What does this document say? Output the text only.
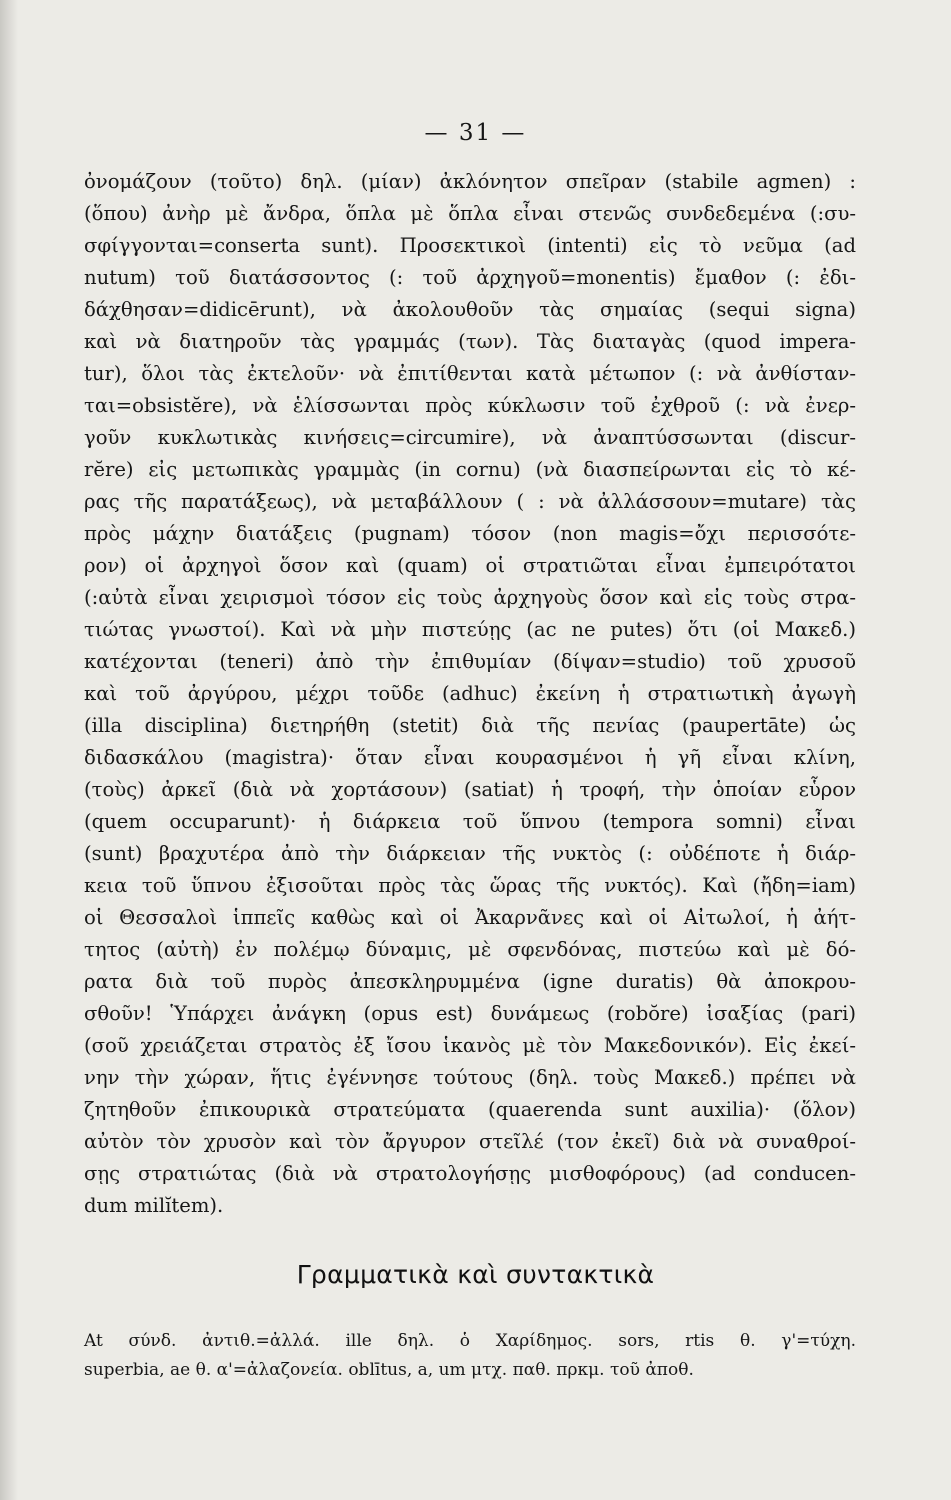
— 31 —
ὀνομάζουν (τοῦτο) δηλ. (μίαν) ἀκλόνητον σπεῖραν (stabile agmen) :
(ὅπου) ἀνὴρ μὲ ἄνδρα, ὅπλα μὲ ὅπλα εἶναι στενῶς συνδεδεμένα (:συ-
σφίγγονται=conserta sunt). Προσεκτικοὶ (intenti) εἰς τὸ νεῦμα (ad
nutum) τοῦ διατάσσοντος (: τοῦ ἀρχηγοῦ=monentis) ἔμαθον (: ἐδι-
δάχθησαν=didicērunt), νὰ ἀκολουθοῦν τὰς σημαίας (sequi signa)
καὶ νὰ διατηροῦν τὰς γραμμάς (των). Τὰς διαταγὰς (quod impera-
tur), ὅλοι τὰς ἐκτελοῦν· νὰ ἐπιτίθενται κατὰ μέτωπον (: νὰ ἀνθίσταν-
ται=obsistĕre), νὰ ἑλίσσωνται πρὸς κύκλωσιν τοῦ ἐχθροῦ (: νὰ ἐνερ-
γοῦν κυκλωτικὰς κινήσεις=circumire), νὰ ἀναπτύσσωνται (discur-
rĕre) εἰς μετωπικὰς γραμμὰς (in cornu) (νὰ διασπείρωνται εἰς τὸ κέ-
ρας τῆς παρατάξεως), νὰ μεταβάλλουν ( : νὰ ἀλλάσσουν=mutare) τὰς
πρὸς μάχην διατάξεις (pugnam) τόσον (non magis=ὄχι περισσότε-
ρον) οἱ ἀρχηγοὶ ὅσον καὶ (quam) οἱ στρατιῶται εἶναι ἐμπειρότατοι
(:αὐτὰ εἶναι χειρισμοὶ τόσον εἰς τοὺς ἀρχηγοὺς ὅσον καὶ εἰς τοὺς στρα-
τιώτας γνωστοί). Καὶ νὰ μὴν πιστεύῃς (ac ne putes) ὅτι (οἱ Μακεδ.)
κατέχονται (teneri) ἀπὸ τὴν ἐπιθυμίαν (δίψαν=studio) τοῦ χρυσοῦ
καὶ τοῦ ἀργύρου, μέχρι τοῦδε (adhuc) ἐκείνη ἡ στρατιωτικὴ ἀγωγὴ
(illa disciplina) διετηρήθη (stetit) διὰ τῆς πενίας (paupertāte) ὡς
διδασκάλου (magistra)· ὅταν εἶναι κουρασμένοι ἡ γῆ εἶναι κλίνη,
(τοὺς) ἀρκεῖ (διὰ νὰ χορτάσουν) (satiat) ἡ τροφή, τὴν ὁποίαν εὗρον
(quem occuparunt)· ἡ διάρκεια τοῦ ὕπνου (tempora somni) εἶναι
(sunt) βραχυτέρα ἀπὸ τὴν διάρκειαν τῆς νυκτὸς (: οὐδέποτε ἡ διάρ-
κεια τοῦ ὕπνου ἐξισοῦται πρὸς τὰς ὥρας τῆς νυκτός). Καὶ (ἤδη=iam)
οἱ Θεσσαλοὶ ἱππεῖς καθὼς καὶ οἱ Ἀκαρνᾶνες καὶ οἱ Αἰτωλοί, ἡ ἀήτ-
τητος (αὐτὴ) ἐν πολέμῳ δύναμις, μὲ σφενδόνας, πιστεύω καὶ μὲ δό-
ρατα διὰ τοῦ πυρὸς ἀπεσκληρυμμένα (igne duratis) θὰ ἀποκρου-
σθοῦν! Ὑπάρχει ἀνάγκη (opus est) δυνάμεως (robŏre) ἰσαξίας (pari)
(σοῦ χρειάζεται στρατὸς ἐξ ἴσου ἱκανὸς μὲ τὸν Μακεδονικόν). Εἰς ἐκεί-
νην τὴν χώραν, ἥτις ἐγέννησε τούτους (δηλ. τοὺς Μακεδ.) πρέπει νὰ
ζητηθοῦν ἐπικουρικὰ στρατεύματα (quaerenda sunt auxilia)· (ὅλον)
αὐτὸν τὸν χρυσὸν καὶ τὸν ἄργυρον στεῖλέ (τον ἐκεῖ) διὰ νὰ συναθροί-
σῃς στρατιώτας (διὰ νὰ στρατολογήσῃς μισθοφόρους) (ad conducen-
dum milĭtem).
Γραμματικὰ καὶ συντακτικὰ
At σύνδ. ἀντιθ.=ἀλλά. ille δηλ. ὁ Χαρίδημος. sors, rtis θ. γ'=τύχη.
superbia, ae θ. α'=ἀλαζονεία. oblītus, a, um μτχ. παθ. πρκμ. τοῦ ἀποθ.
